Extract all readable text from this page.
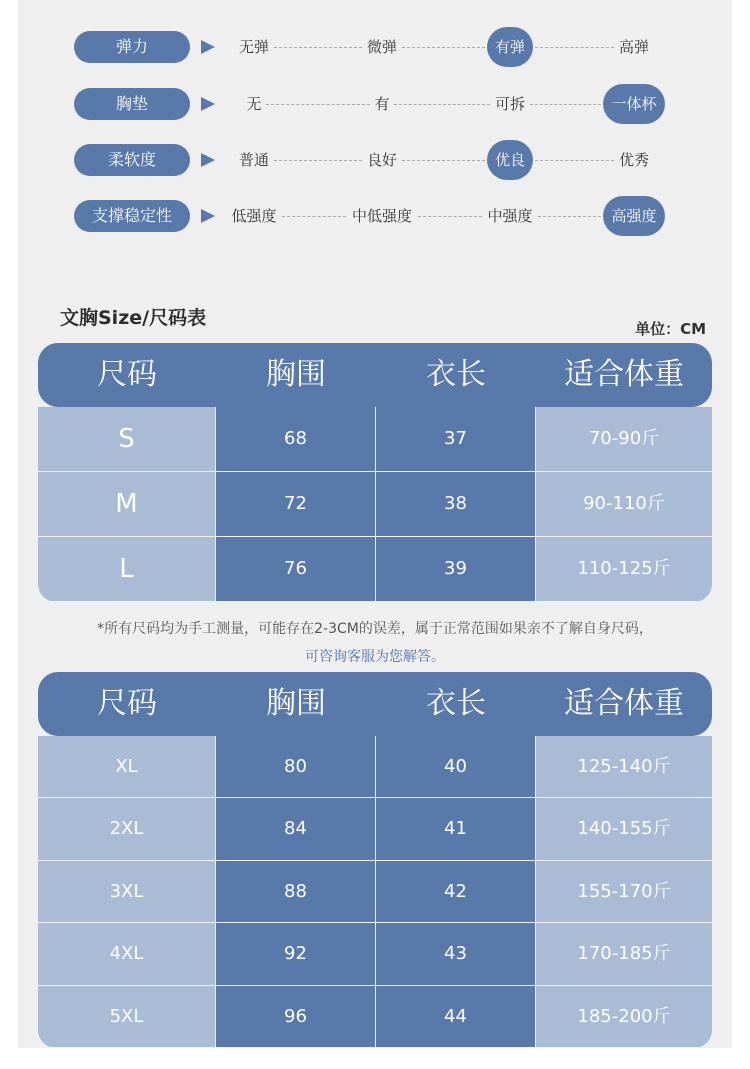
弹力	无弹	微弹	有弹	高弹
胸垫	无	有	可拆	一体杯
柔软度	普通	良好	优良	优秀
支撑稳定性	低强度	中低强度	中强度	高强度
文胸Size/尺码表	单位：CM
尺码	胸围	衣长	适合体重
S	68	37	70-90斤
M	72	38	90-110斤
L	76	39	110-125斤
*所有尺码均为手工测量，可能存在2-3CM的误差，属于正常范围如果亲不了解自身尺码，
可咨询客服为您解答。
尺码	胸围	衣长	适合体重
XL	80	40	125-140斤
2XL	84	41	140-155斤
3XL	88	42	155-170斤
4XL	92	43	170-185斤
5XL	96	44	185-200斤
